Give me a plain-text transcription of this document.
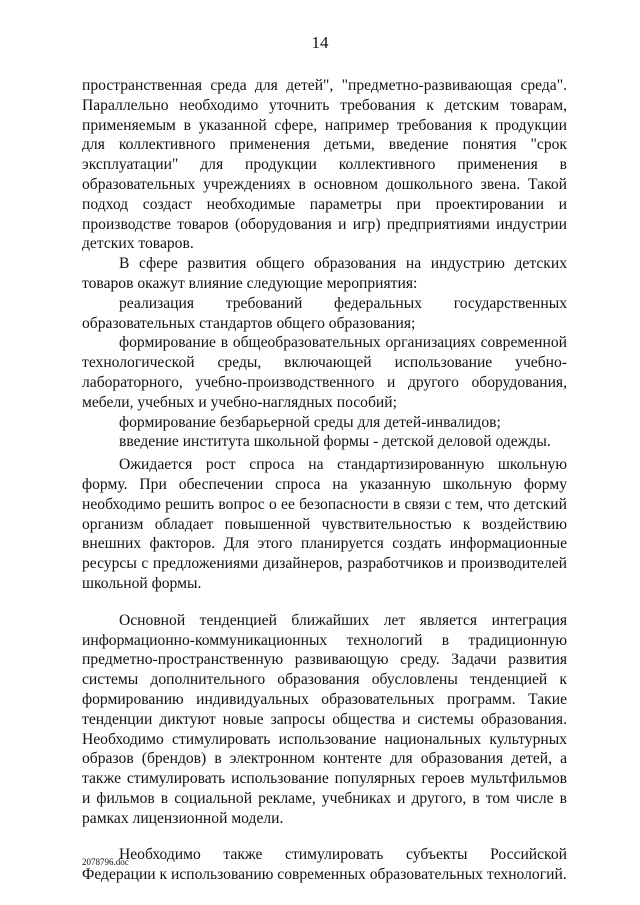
14

пространственная среда для детей", "предметно-развивающая среда". Параллельно необходимо уточнить требования к детским товарам, применяемым в указанной сфере, например требования к продукции для коллективного применения детьми, введение понятия "срок эксплуатации" для продукции коллективного применения в образовательных учреждениях в основном дошкольного звена. Такой подход создаст необходимые параметры при проектировании и производстве товаров (оборудования и игр) предприятиями индустрии детских товаров.

В сфере развития общего образования на индустрию детских товаров окажут влияние следующие мероприятия:

реализация требований федеральных государственных образовательных стандартов общего образования;

формирование в общеобразовательных организациях современной технологической среды, включающей использование учебно-лабораторного, учебно-производственного и другого оборудования, мебели, учебных и учебно-наглядных пособий;

формирование безбарьерной среды для детей-инвалидов;

введение института школьной формы - детской деловой одежды.

Ожидается рост спроса на стандартизированную школьную форму. При обеспечении спроса на указанную школьную форму необходимо решить вопрос о ее безопасности в связи с тем, что детский организм обладает повышенной чувствительностью к воздействию внешних факторов. Для этого планируется создать информационные ресурсы с предложениями дизайнеров, разработчиков и производителей школьной формы.

Основной тенденцией ближайших лет является интеграция информационно-коммуникационных технологий в традиционную предметно-пространственную развивающую среду. Задачи развития системы дополнительного образования обусловлены тенденцией к формированию индивидуальных образовательных программ. Такие тенденции диктуют новые запросы общества и системы образования. Необходимо стимулировать использование национальных культурных образов (брендов) в электронном контенте для образования детей, а также стимулировать использование популярных героев мультфильмов и фильмов в социальной рекламе, учебниках и другого, в том числе в рамках лицензионной модели.

Необходимо также стимулировать субъекты Российской Федерации к использованию современных образовательных технологий.

2078796.doc
